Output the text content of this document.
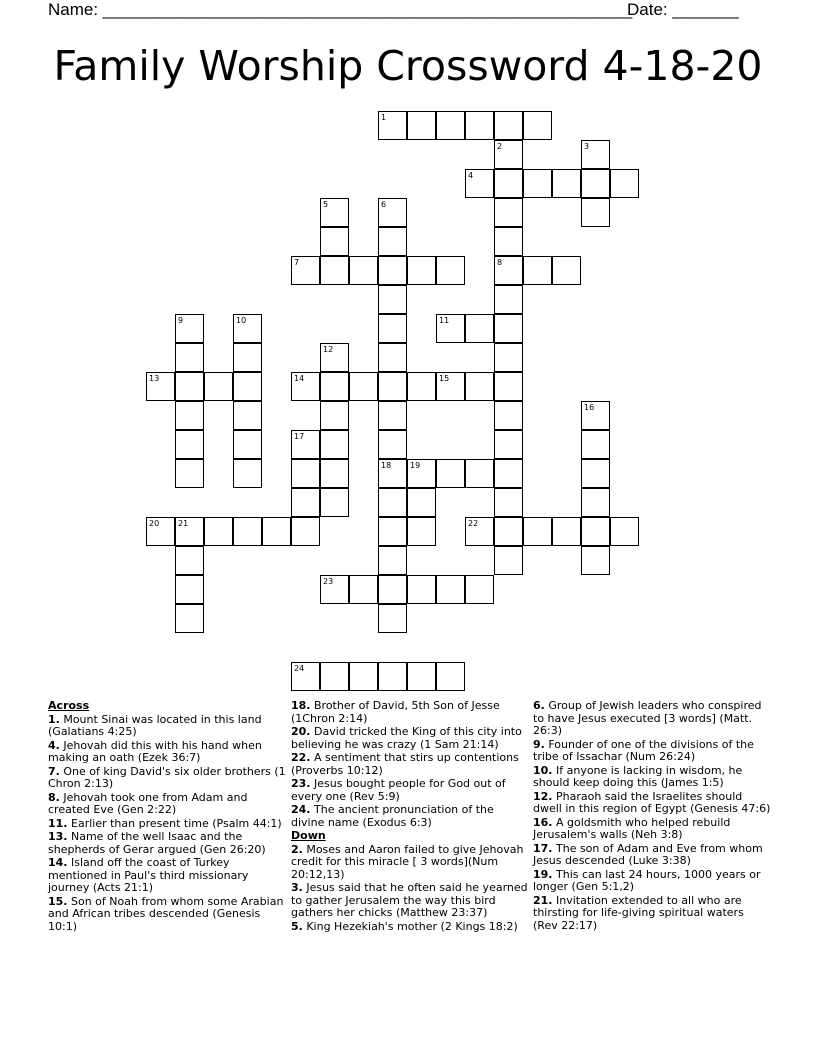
Name: ________________________________________________________
Date: _______
Family Worship Crossword 4-18-20
1
2	3
4
5	6
7	8
9	10	11
12
13	14	15
16
17
18 19
20 21	22
23
24
Across
1. Mount Sinai was located in this land (Galatians 4:25)
4. Jehovah did this with his hand when making an oath (Ezek 36:7)
7. One of king David's six older brothers (1 Chron 2:13)
8. Jehovah took one from Adam and created Eve (Gen 2:22)
11. Earlier than present time (Psalm 44:1)
13. Name of the well Isaac and the shepherds of Gerar argued (Gen 26:20)
14. Island off the coast of Turkey mentioned in Paul's third missionary journey (Acts 21:1)
15. Son of Noah from whom some Arabian and African tribes descended (Genesis 10:1)
18. Brother of David, 5th Son of Jesse (1Chron 2:14)
20. David tricked the King of this city into believing he was crazy (1 Sam 21:14)
22. A sentiment that stirs up contentions (Proverbs 10:12)
23. Jesus bought people for God out of every one (Rev 5:9)
24. The ancient pronunciation of the divine name (Exodus 6:3)
Down
2. Moses and Aaron failed to give Jehovah credit for this miracle [ 3 words](Num 20:12,13)
3. Jesus said that he often said he yearned to gather Jerusalem the way this bird gathers her chicks (Matthew 23:37)
5. King Hezekiah's mother (2 Kings 18:2)
6. Group of Jewish leaders who conspired to have Jesus executed [3 words] (Matt. 26:3)
9. Founder of one of the divisions of the tribe of Issachar (Num 26:24)
10. If anyone is lacking in wisdom, he should keep doing this (James 1:5)
12. Pharaoh said the Israelites should dwell in this region of Egypt (Genesis 47:6)
16. A goldsmith who helped rebuild Jerusalem's walls (Neh 3:8)
17. The son of Adam and Eve from whom Jesus descended (Luke 3:38)
19. This can last 24 hours, 1000 years or longer (Gen 5:1,2)
21. Invitation extended to all who are thirsting for life-giving spiritual waters (Rev 22:17)
